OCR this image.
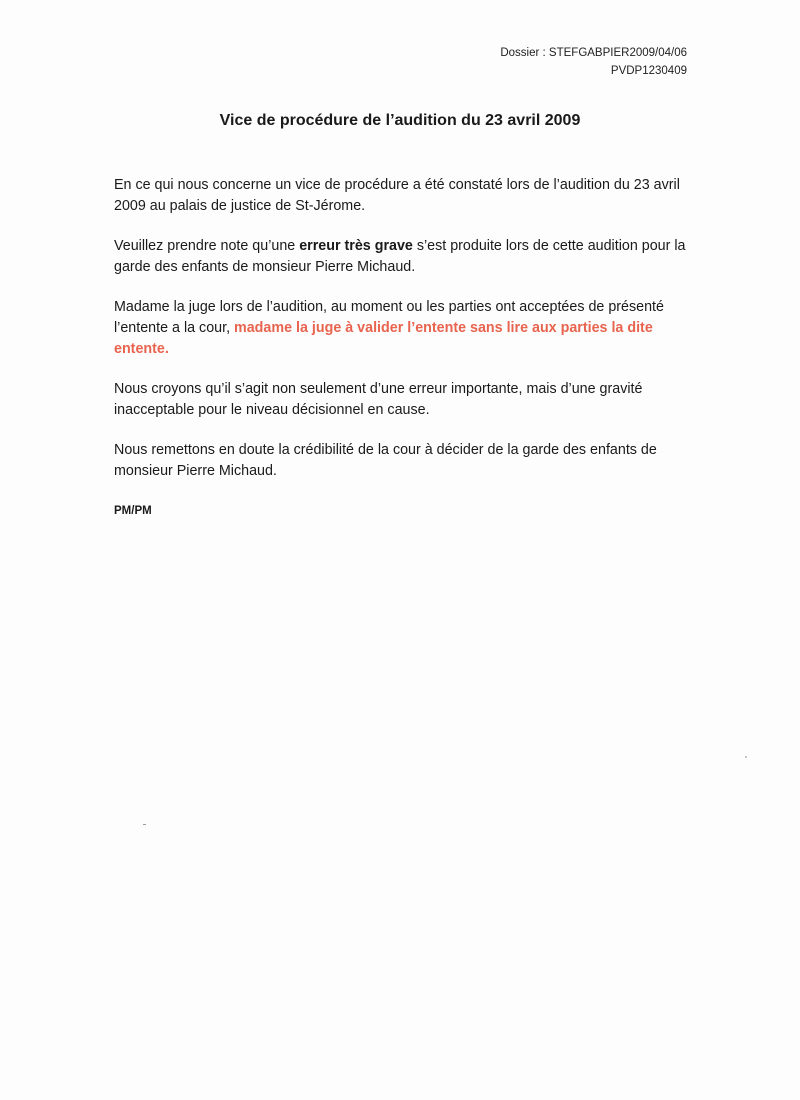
Dossier : STEFGABPIER2009/04/06
PVDP1230409
Vice de procédure de l’audition du 23 avril 2009

En ce qui nous concerne un vice de procédure a été constaté lors de l’audition du 23 avril 2009 au palais de justice de St-Jérome.

Veuillez prendre note qu’une erreur très grave s’est produite lors de cette audition pour la garde des enfants de monsieur Pierre Michaud.

Madame la juge lors de l’audition, au moment ou les parties ont acceptées de présenté l’entente a la cour, madame la juge à valider l’entente sans lire aux parties la dite entente.

Nous croyons qu’il s’agit non seulement d’une erreur importante, mais d’une gravité inacceptable pour le niveau décisionnel en cause.

Nous remettons en doute la crédibilité de la cour à décider de la garde des enfants de monsieur Pierre Michaud.

PM/PM
